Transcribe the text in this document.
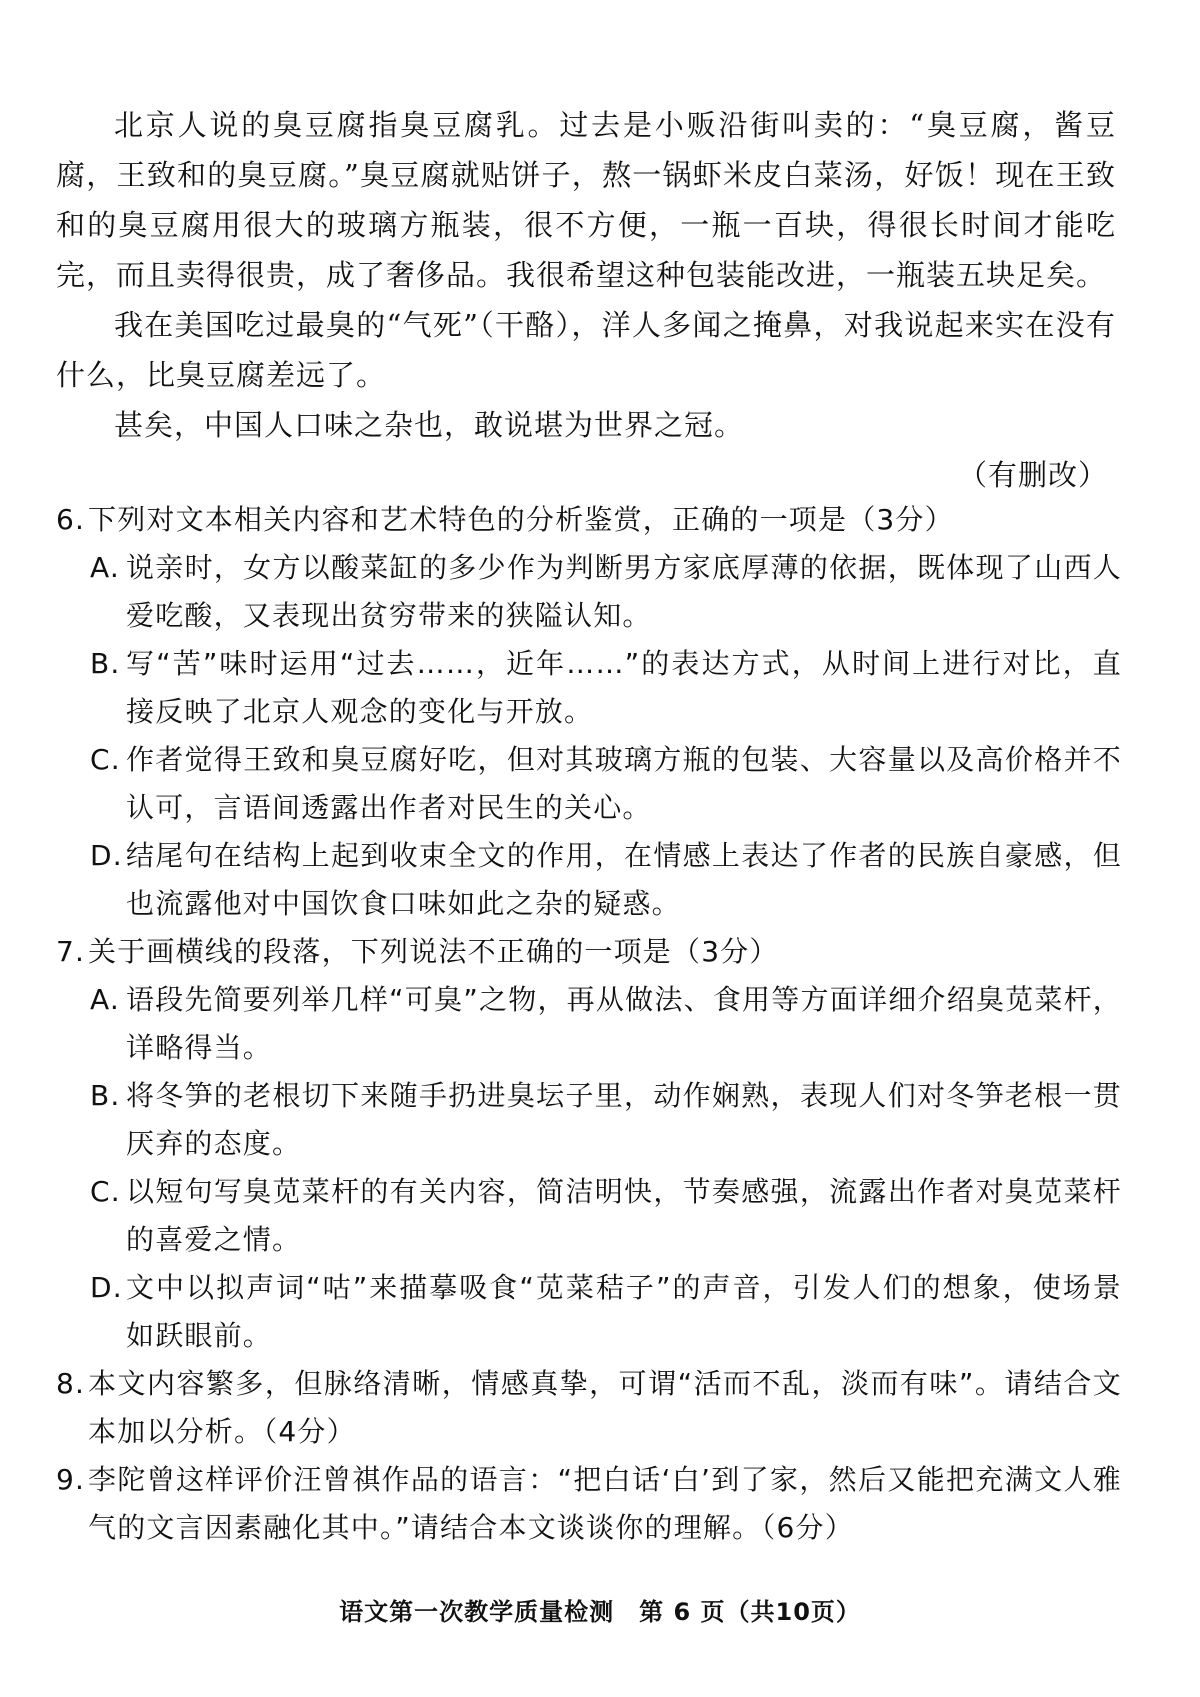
北京人说的臭豆腐指臭豆腐乳。过去是小贩沿街叫卖的：“臭豆腐，酱豆腐，王致和的臭豆腐。”臭豆腐就贴饼子，熬一锅虾米皮白菜汤，好饭！现在王致和的臭豆腐用很大的玻璃方瓶装，很不方便，一瓶一百块，得很长时间才能吃完，而且卖得很贵，成了奢侈品。我很希望这种包装能改进，一瓶装五块足矣。

我在美国吃过最臭的“气死”（干酪），洋人多闻之掩鼻，对我说起来实在没有什么，比臭豆腐差远了。

甚矣，中国人口味之杂也，敢说堪为世界之冠。

（有删改）

6. 下列对文本相关内容和艺术特色的分析鉴赏，正确的一项是（3分）
A. 说亲时，女方以酸菜缸的多少作为判断男方家底厚薄的依据，既体现了山西人爱吃酸，又表现出贫穷带来的狭隘认知。
B. 写“苦”味时运用“过去……，近年……”的表达方式，从时间上进行对比，直接反映了北京人观念的变化与开放。
C. 作者觉得王致和臭豆腐好吃，但对其玻璃方瓶的包装、大容量以及高价格并不认可，言语间透露出作者对民生的关心。
D. 结尾句在结构上起到收束全文的作用，在情感上表达了作者的民族自豪感，但也流露他对中国饮食口味如此之杂的疑惑。
7. 关于画横线的段落，下列说法不正确的一项是（3分）
A. 语段先简要列举几样“可臭”之物，再从做法、食用等方面详细介绍臭苋菜杆，详略得当。
B. 将冬笋的老根切下来随手扔进臭坛子里，动作娴熟，表现人们对冬笋老根一贯厌弃的态度。
C. 以短句写臭苋菜杆的有关内容，简洁明快，节奏感强，流露出作者对臭苋菜杆的喜爱之情。
D. 文中以拟声词“咕”来描摹吸食“苋菜秸子”的声音，引发人们的想象，使场景如跃眼前。
8. 本文内容繁多，但脉络清晰，情感真挚，可谓“活而不乱，淡而有味”。请结合文本加以分析。（4分）
9. 李陀曾这样评价汪曾祺作品的语言：“把白话‘白’到了家，然后又能把充满文人雅气的文言因素融化其中。”请结合本文谈谈你的理解。（6分）
语文第一次教学质量检测　第 6 页（共10页）
